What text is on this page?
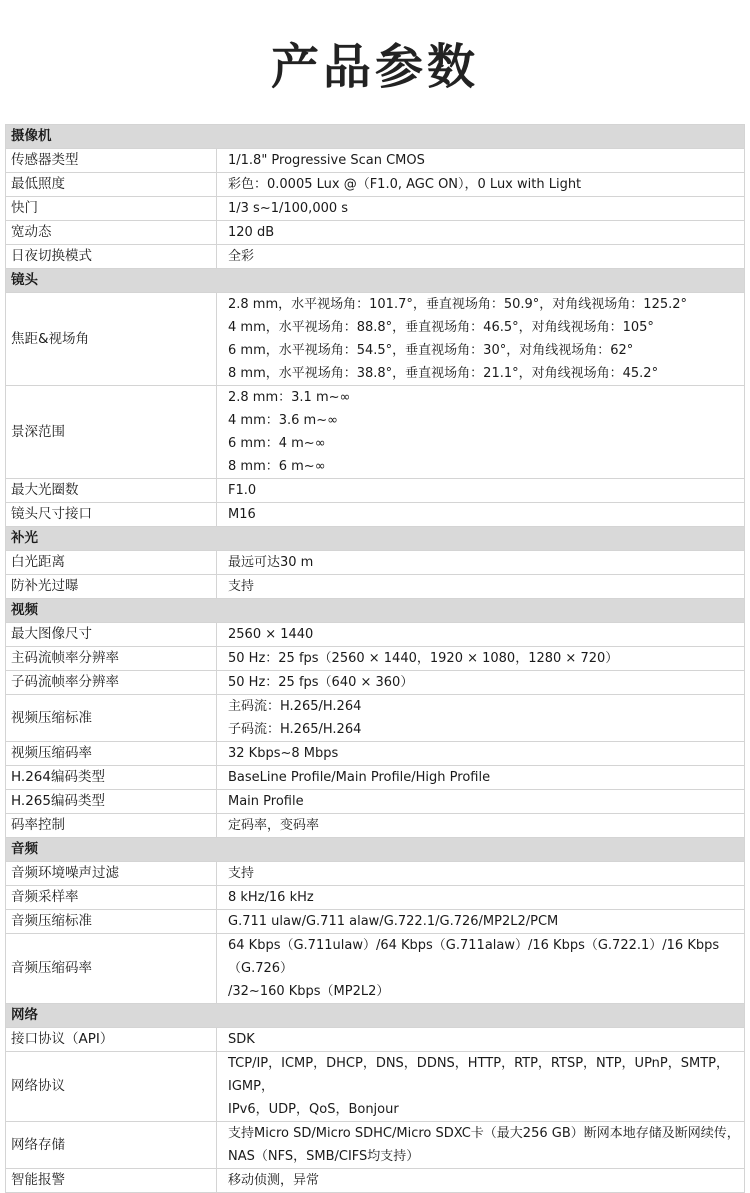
产品参数
摄像机	
传感器类型	1/1.8" Progressive Scan CMOS

最低照度	彩色：0.0005 Lux @（F1.0, AGC ON），0 Lux with Light

快门	1/3 s~1/100,000 s

宽动态	120 dB

日夜切换模式	全彩

镜头	
焦距&视场角	2.8 mm，水平视场角：101.7°，垂直视场角：50.9°，对角线视场角：125.2°
4 mm，水平视场角：88.8°，垂直视场角：46.5°，对角线视场角：105°
6 mm，水平视场角：54.5°，垂直视场角：30°，对角线视场角：62°
8 mm，水平视场角：38.8°，垂直视场角：21.1°，对角线视场角：45.2°

景深范围	2.8 mm：3.1 m~∞
4 mm：3.6 m~∞
6 mm：4 m~∞
8 mm：6 m~∞

最大光圈数	F1.0

镜头尺寸接口	M16

补光	
白光距离	最远可达30 m

防补光过曝	支持

视频	
最大图像尺寸	2560 × 1440

主码流帧率分辨率	50 Hz：25 fps（2560 × 1440，1920 × 1080，1280 × 720）

子码流帧率分辨率	50 Hz：25 fps（640 × 360）

视频压缩标准	主码流：H.265/H.264
子码流：H.265/H.264

视频压缩码率	32 Kbps~8 Mbps

H.264编码类型	BaseLine Profile/Main Profile/High Profile

H.265编码类型	Main Profile

码率控制	定码率，变码率

音频	
音频环境噪声过滤	支持

音频采样率	8 kHz/16 kHz

音频压缩标准	G.711 ulaw/G.711 alaw/G.722.1/G.726/MP2L2/PCM

音频压缩码率	64 Kbps（G.711ulaw）/64 Kbps（G.711alaw）/16 Kbps（G.722.1）/16 Kbps（G.726）
/32~160 Kbps（MP2L2）

网络	
接口协议（API）	SDK

网络协议	TCP/IP，ICMP，DHCP，DNS，DDNS，HTTP，RTP，RTSP，NTP，UPnP，SMTP，IGMP，
IPv6，UDP，QoS，Bonjour

网络存储	支持Micro SD/Micro SDHC/Micro SDXC卡（最大256 GB）断网本地存储及断网续传，
NAS（NFS，SMB/CIFS均支持）

智能报警	移动侦测，异常
